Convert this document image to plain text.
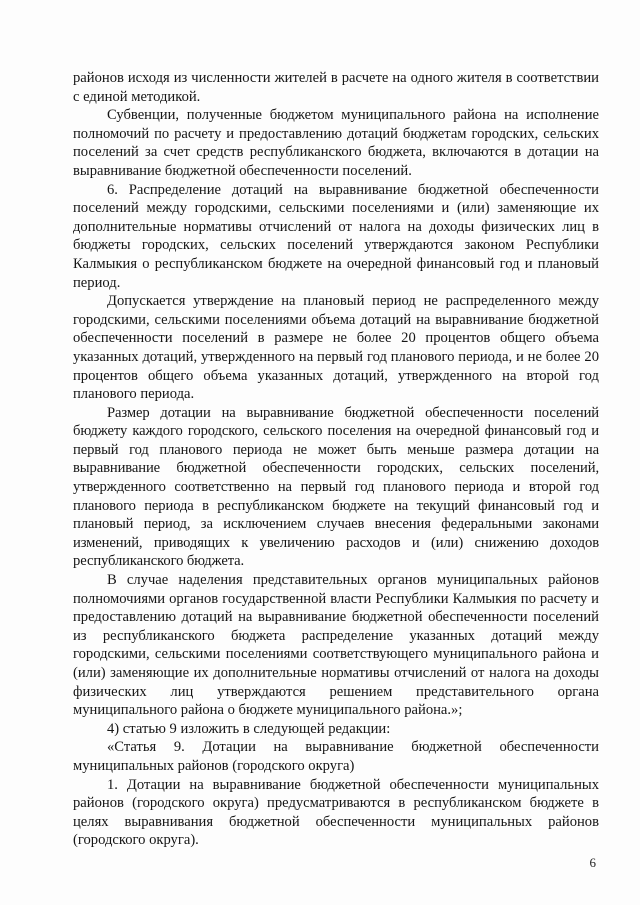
районов исходя из численности жителей в расчете на одного жителя в соответствии с единой методикой.

Субвенции, полученные бюджетом муниципального района на исполнение полномочий по расчету и предоставлению дотаций бюджетам городских, сельских поселений за счет средств республиканского бюджета, включаются в дотации на выравнивание бюджетной обеспеченности поселений.

6. Распределение дотаций на выравнивание бюджетной обеспеченности поселений между городскими, сельскими поселениями и (или) заменяющие их дополнительные нормативы отчислений от налога на доходы физических лиц в бюджеты городских, сельских поселений утверждаются законом Республики Калмыкия о республиканском бюджете на очередной финансовый год и плановый период.

Допускается утверждение на плановый период не распределенного между городскими, сельскими поселениями объема дотаций на выравнивание бюджетной обеспеченности поселений в размере не более 20 процентов общего объема указанных дотаций, утвержденного на первый год планового периода, и не более 20 процентов общего объема указанных дотаций, утвержденного на второй год планового периода.

Размер дотации на выравнивание бюджетной обеспеченности поселений бюджету каждого городского, сельского поселения на очередной финансовый год и первый год планового периода не может быть меньше размера дотации на выравнивание бюджетной обеспеченности городских, сельских поселений, утвержденного соответственно на первый год планового периода и второй год планового периода в республиканском бюджете на текущий финансовый год и плановый период, за исключением случаев внесения федеральными законами изменений, приводящих к увеличению расходов и (или) снижению доходов республиканского бюджета.

В случае наделения представительных органов муниципальных районов полномочиями органов государственной власти Республики Калмыкия по расчету и предоставлению дотаций на выравнивание бюджетной обеспеченности поселений из республиканского бюджета распределение указанных дотаций между городскими, сельскими поселениями соответствующего муниципального района и (или) заменяющие их дополнительные нормативы отчислений от налога на доходы физических лиц утверждаются решением представительного органа муниципального района о бюджете муниципального района.»;

4) статью 9 изложить в следующей редакции:

«Статья 9. Дотации на выравнивание бюджетной обеспеченности муниципальных районов (городского округа)

1. Дотации на выравнивание бюджетной обеспеченности муниципальных районов (городского округа) предусматриваются в республиканском бюджете в целях выравнивания бюджетной обеспеченности муниципальных районов (городского округа).

6
